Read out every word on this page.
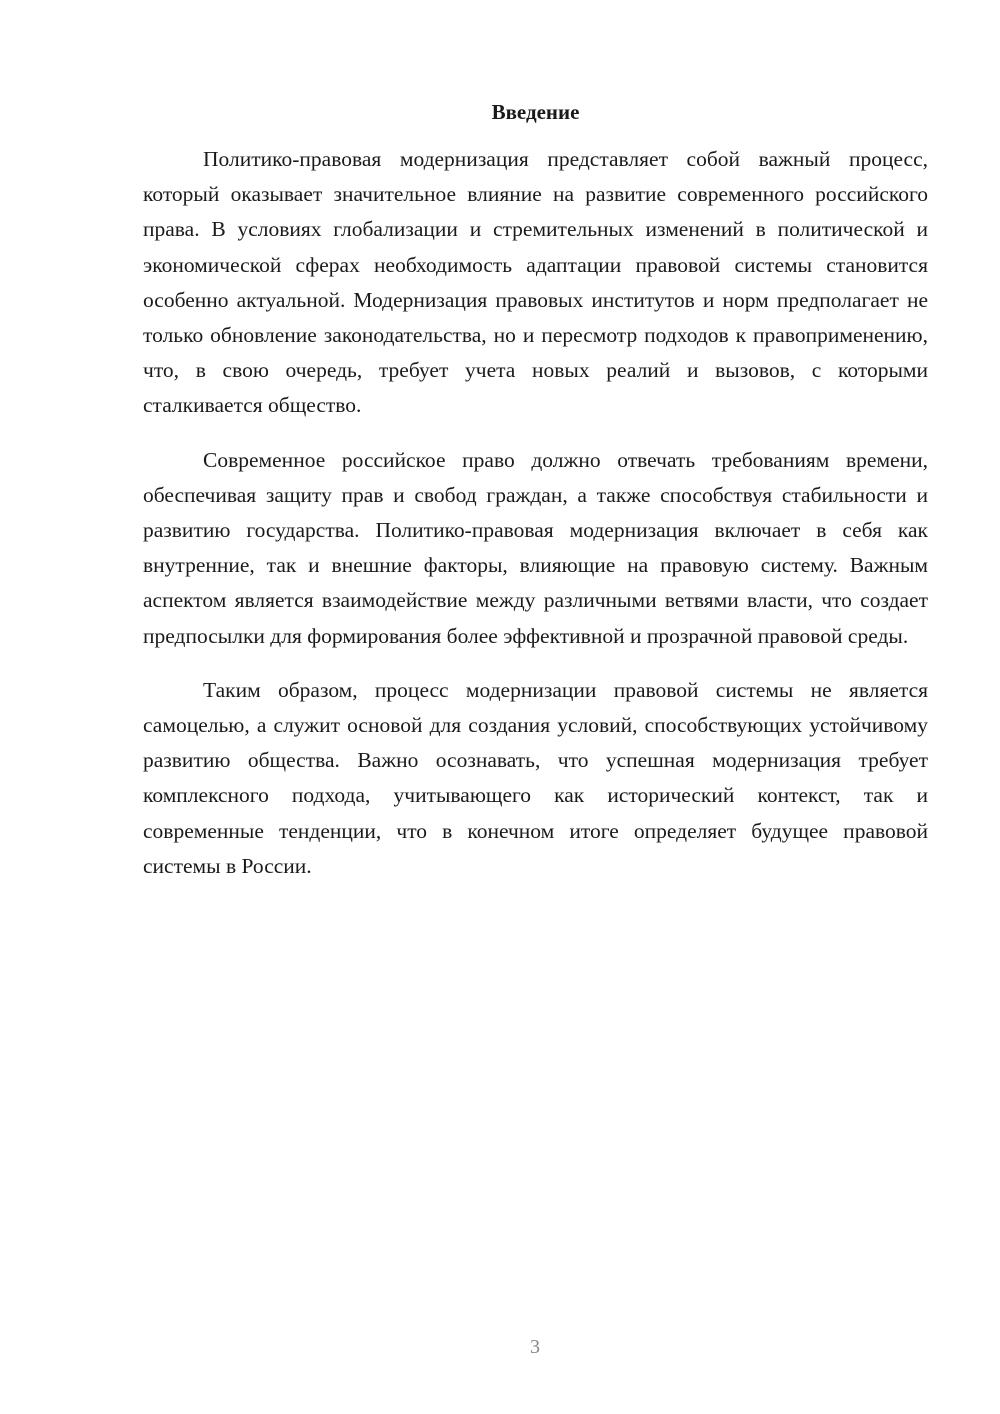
Введение

Политико-правовая модернизация представляет собой важный процесс, который оказывает значительное влияние на развитие современного российского права. В условиях глобализации и стремительных изменений в политической и экономической сферах необходимость адаптации правовой системы становится особенно актуальной. Модернизация правовых институтов и норм предполагает не только обновление законодательства, но и пересмотр подходов к правоприменению, что, в свою очередь, требует учета новых реалий и вызовов, с которыми сталкивается общество.

Современное российское право должно отвечать требованиям времени, обеспечивая защиту прав и свобод граждан, а также способствуя стабильности и развитию государства. Политико-правовая модернизация включает в себя как внутренние, так и внешние факторы, влияющие на правовую систему. Важным аспектом является взаимодействие между различными ветвями власти, что создает предпосылки для формирования более эффективной и прозрачной правовой среды.

Таким образом, процесс модернизации правовой системы не является самоцелью, а служит основой для создания условий, способствующих устойчивому развитию общества. Важно осознавать, что успешная модернизация требует комплексного подхода, учитывающего как исторический контекст, так и современные тенденции, что в конечном итоге определяет будущее правовой системы в России.

3
